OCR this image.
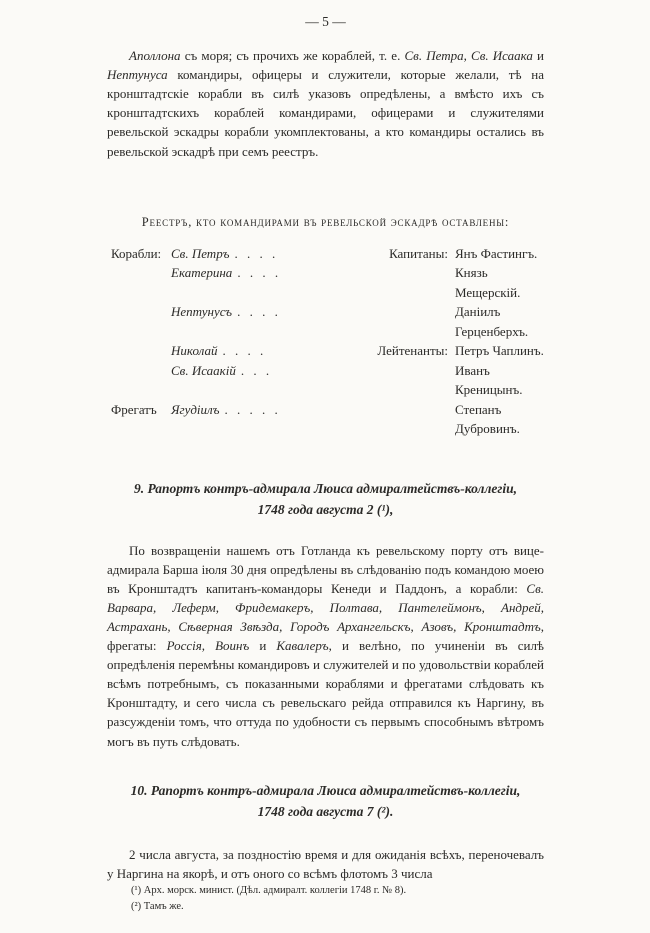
— 5 —

Аполлона съ моря; съ прочихъ же кораблей, т. е. Св. Петра, Св. Исаака и Нептунуса командиры, офицеры и служители, которые желали, тѣ на кронштадтскіе корабли въ силѣ указовъ опредѣлены, а вмѣсто ихъ съ кронштадтскихъ кораблей командирами, офицерами и служителями ревельской эскадры корабли укомплектованы, а кто командиры остались въ ревельской эскадрѣ при семъ реестръ.

Реестръ, кто командирами въ ревельской эскадрѣ оставлены:
Корабли: Св. Петръ . . . .	Капитаны: Янъ Фастингъ.
Екатерина . . . .	Князь Мещерскій.
Нептунусъ . . . .	Даніилъ Герценберхъ.
Николай . . . .	Лейтенанты: Петръ Чаплинъ.
Св. Исаакій . . .	Иванъ Креницынъ.
Фрегатъ	Ягудіилъ . . . . .	Степанъ Дубровинъ.
9. Рапортъ контръ-адмирала Люиса адмиралтействъ-коллегіи,
1748 года августа 2 (¹),

По возвращеніи нашемъ отъ Готланда къ ревельскому порту отъ вице-адмирала Барша іюля 30 дня опредѣлены въ слѣдованію подъ командою моею въ Кронштадтъ капитанъ-командоры Кенеди и Паддонъ, а корабли: Св. Варвара, Леферм, Фридемакеръ, Полтава, Пантелеймонъ, Андрей, Астрахань, Сѣверная Звѣзда, Городъ Архангельскъ, Азовъ, Кронштадтъ, фрегаты: Россія, Воинъ и Кавалеръ, и велѣно, по учиненіи въ силѣ опредѣленія перемѣны командировъ и служителей и по удовольствіи кораблей всѣмъ потребнымъ, съ показанными кораблями и фрегатами слѣдовать къ Кронштадту, и сего числа съ ревельскаго рейда отправился къ Наргину, въ разсужденіи томъ, что оттуда по удобности съ первымъ способнымъ вѣтромъ могъ въ путь слѣдовать.

10. Рапортъ контръ-адмирала Люиса адмиралтействъ-коллегіи,
1748 года августа 7 (²).

2 числа августа, за поздностію время и для ожиданія всѣхъ, переночевалъ у Наргина на якорѣ, и отъ оного со всѣмъ флотомъ 3 числа

(¹) Арх. морск. минист. (Дѣл. адмиралт. коллегіи 1748 г. № 8).
(²) Тамъ же.
